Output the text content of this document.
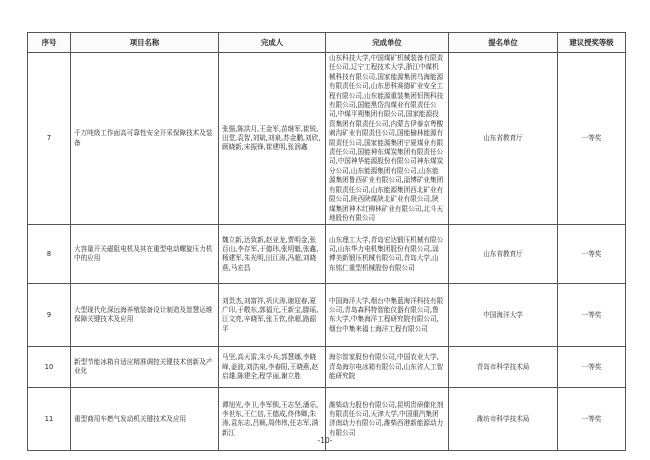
序号	项目名称	完成人	完成单位	提名单位	建议授奖等级
7	千万吨级工作面高可靠性安全开采保障技术及装备	张强,陈洪月,王金军,苗继军,崔锐,田堂,袁智,刘斌,刘泉,苏金鹏,刘欣,顾晓新,宋振锋,崔建明,张润鑫	山东科技大学,中国煤矿机械装备有限责任公司,辽宁工程技术大学,浙江中煤机械科技有限公司,国家能源集团乌海能源有限责任公司,山东思科赛德矿业安全工程有限公司,山东能源重装集团恒图科技有限公司,国能黑岱沟煤业有限责任公司,中煤平朔集团有限公司,国家能源投资集团有限责任公司,内蒙古伊泰京粤酸刺沟矿业有限责任公司,国能榆林能源有限责任公司,国家能源集团宁夏煤业有限责任公司,国能神东煤炭集团有限责任公司,中国神华能源股份有限公司神东煤炭分公司,山东能源集团有限公司,山东能源集团鲁西矿业有限公司,淄博矿业集团有限责任公司,山东能源集团西北矿业有限公司,陕西陕煤陕北矿业有限公司,陕煤集团神木红柳林矿业有限公司,北斗天地股份有限公司	山东省教育厅	一等奖
8	大容量开关磁阻电机及其在重型电动螺旋压力机中的应用	魏立新,达致新,赵亚龙,贾明金,张百山,李存军,于德玮,张明魁,张鑫,杨建军,朱光明,田江涛,冯超,刘晓燕,马宏昌	山东理工大学,青岛宏达锻压机械有限公司,山东华力电机集团股份有限公司,淄博美新锻压机械有限公司,青岛大学,山东铭仁重型机械股份有限公司	山东省教育厅	一等奖
9	大型现代化深远海养殖装备设计制造及智慧运维保障关键技术及应用	刘贵杰,刘富祥,巩庆涛,谢迎春,夏广印,于敬东,郭福元,王新宝,滕瑶,江文亮,辛晓军,张玉钦,徐超,路韶平	中国海洋大学,烟台中集蓝海洋科技有限公司,青岛森科特智能仪器有限公司,鲁东大学,中集海洋工程研究院有限公司,烟台中集来福士海洋工程有限公司	中国海洋大学	一等奖
10	新型节能冰箱自适应精准调控关键技术创新及产业化	马坚,高天雷,朱小兵,郭慧娜,李晓峰,姜波,刘浩泉,李春阳,王晓燕,赵启雄,陈建全,程学丽,谢立胜	海尔智家股份有限公司,中国农业大学,青岛海尔电冰箱有限公司,山东省人工智能研究院	青岛市科学技术局	一等奖
11	重型商用车燃气发动机关键技术及应用	谭旭光,李卫,李军锁,王志坚,潘乐,李世东,王仁信,王德成,佟伟卿,朱涛,袁东志,吕顺,周伟伟,任志军,满新江	潍柴动力股份有限公司,昆明贵研催化剂有限责任公司,天津大学,中国重汽集团济南动力有限公司,潍柴西港新能源动力有限公司	潍坊市科学技术局	一等奖
-10-
